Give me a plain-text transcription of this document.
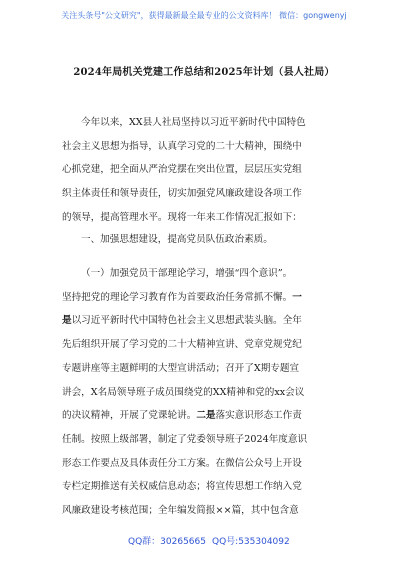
关注头条号"公文研究"，获得最新最全最专业的公文资料库！ 微信：gongwenyj
2024年局机关党建工作总结和2025年计划（县人社局）
今年以来，XX县人社局坚持以习近平新时代中国特色
社会主义思想为指导，认真学习党的二十大精神，围绕中
心抓党建，把全面从严治党摆在突出位置，层层压实党组
织主体责任和领导责任，切实加强党风廉政建设各项工作
的领导，提高管理水平。现将一年来工作情况汇报如下：
一、加强思想建设，提高党员队伍政治素质。
（一）加强党员干部理论学习，增强“四个意识”。
坚持把党的理论学习教育作为首要政治任务常抓不懈。一
是以习近平新时代中国特色社会主义思想武装头脑。全年
先后组织开展了学习党的二十大精神宣讲、党章党规党纪
专题讲座等主题鲜明的大型宣讲活动；召开了X期专题宣
讲会，X名局领导班子成员围绕党的XX精神和党的xx会议
的决议精神，开展了党课轮讲。二是落实意识形态工作责
任制。按照上级部署，制定了党委领导班子2024年度意识
形态工作要点及具体责任分工方案。在微信公众号上开设
专栏定期推送有关权威信息动态；将宣传思想工作纳入党
风廉政建设考核范围；全年编发简报××篇，其中包含意
QQ群：30265665 QQ号:535304092
